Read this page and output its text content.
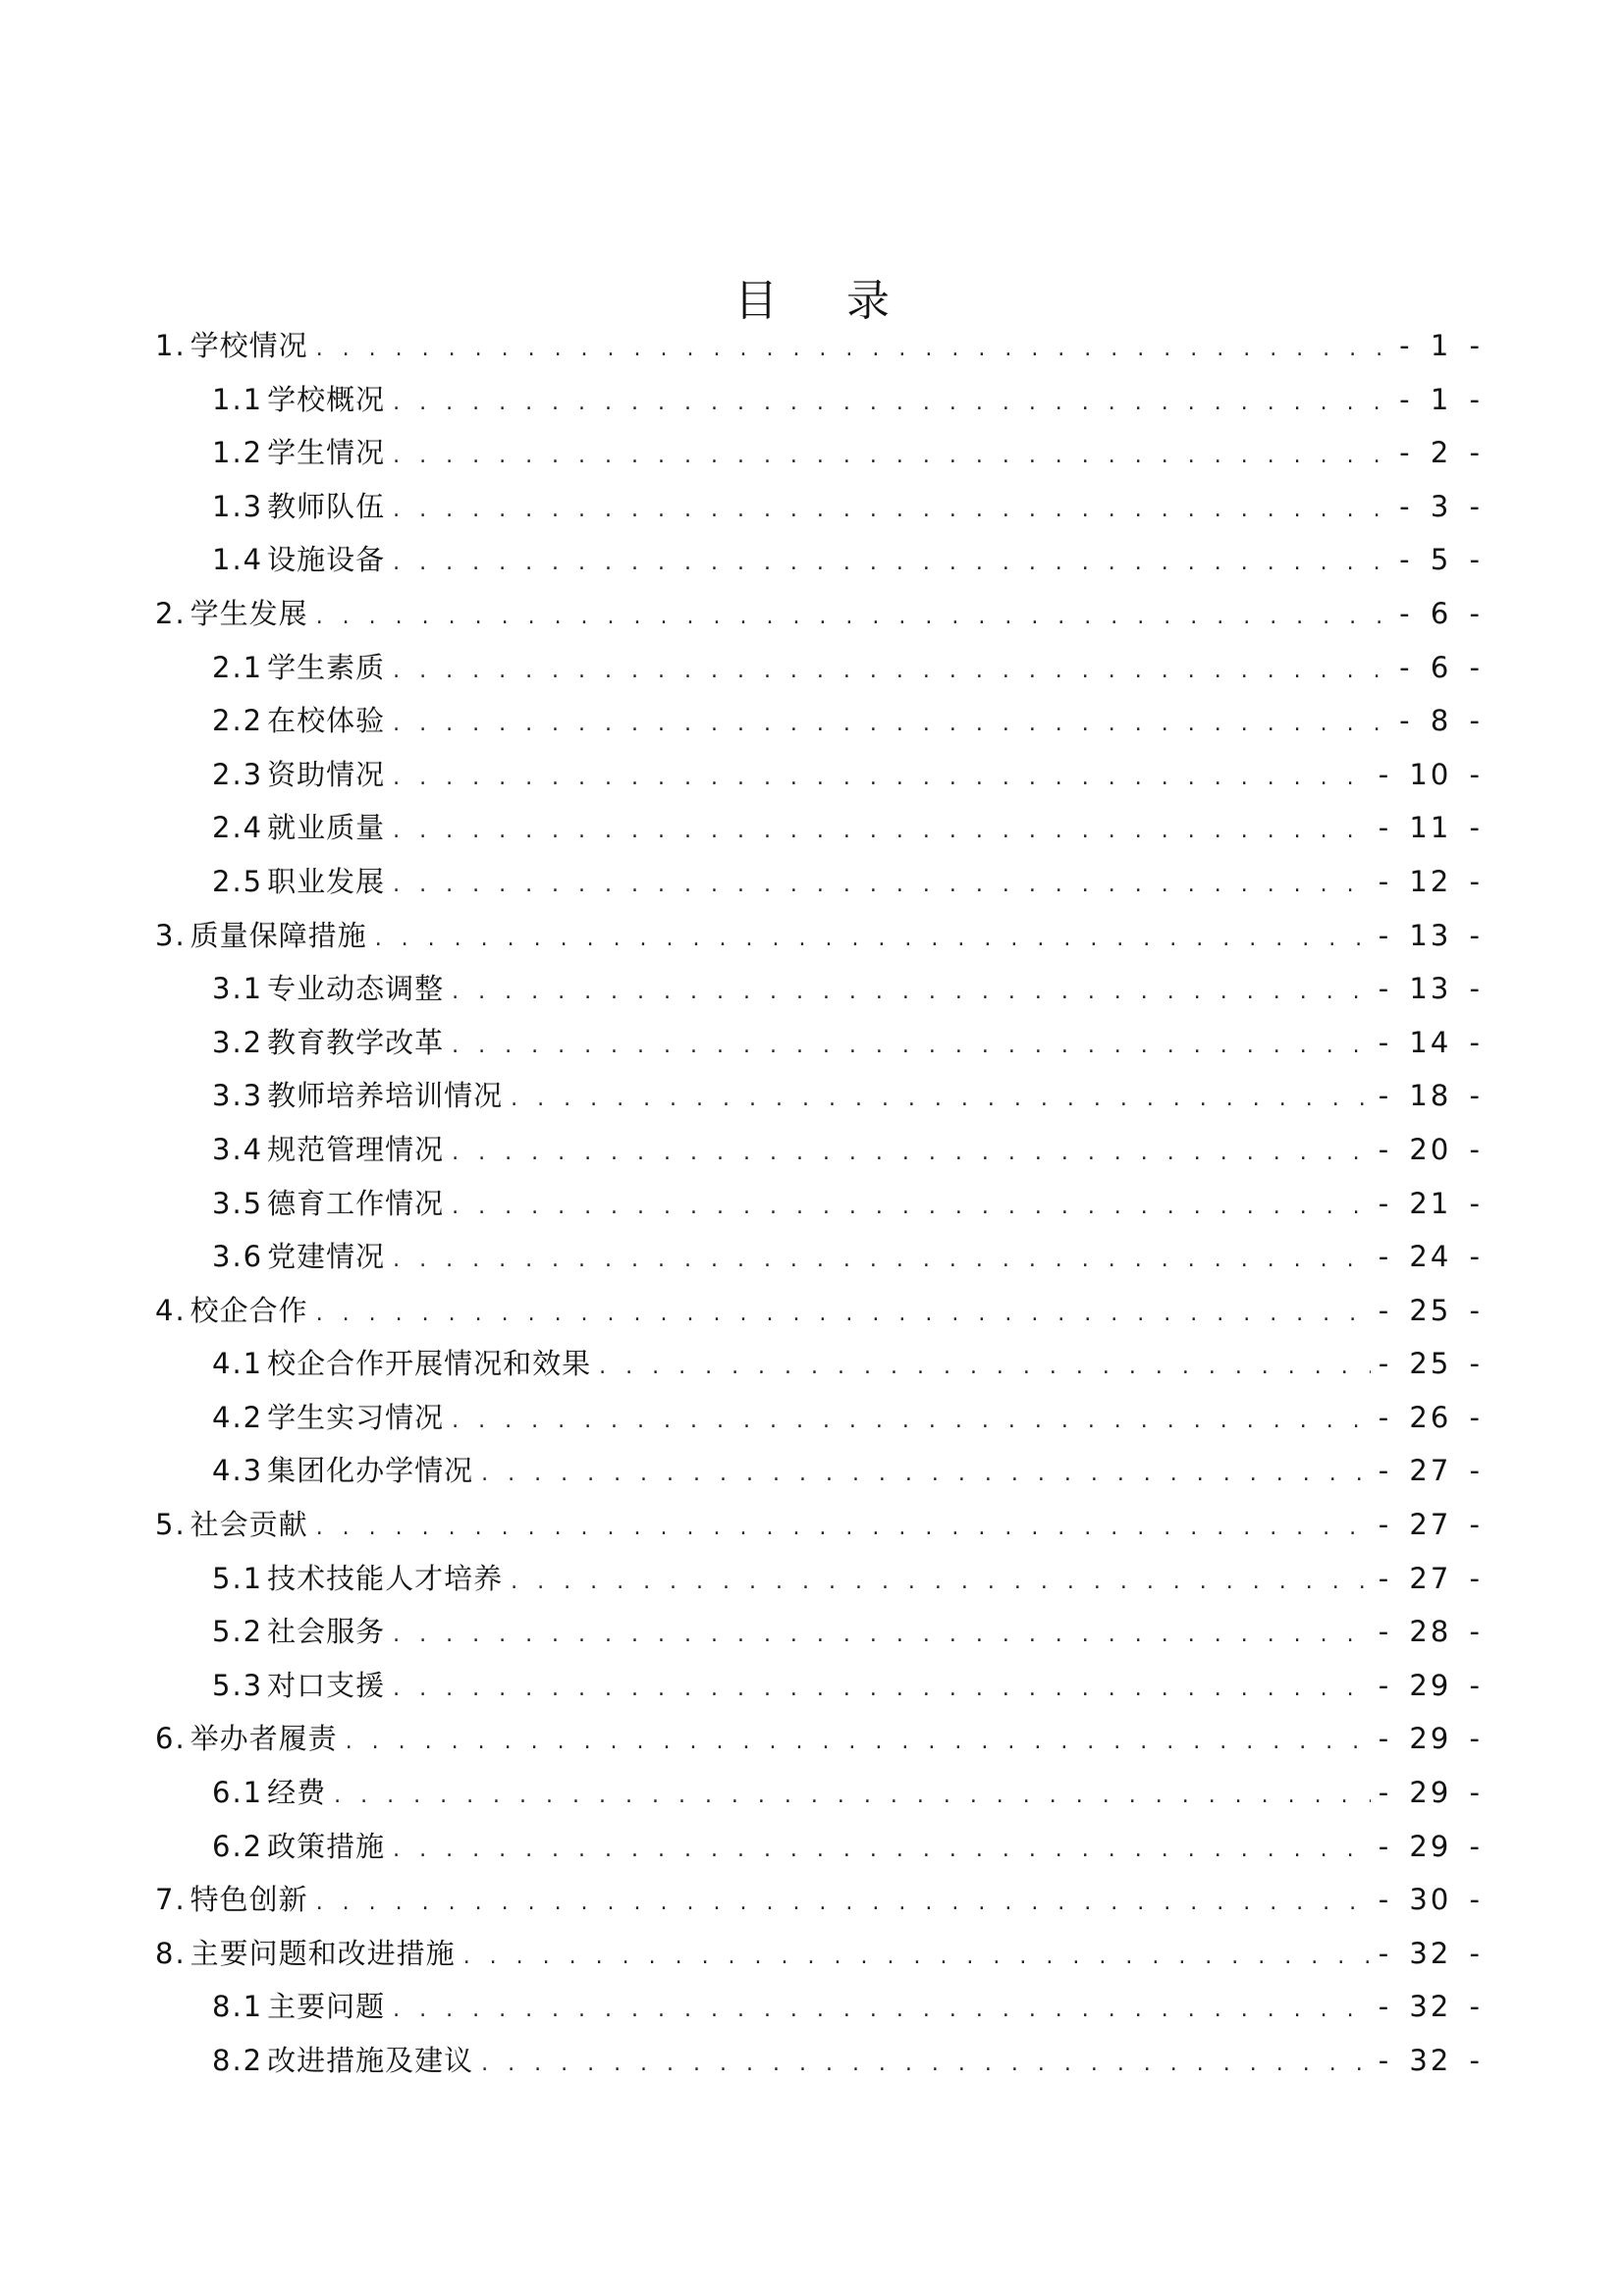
目 录
1. 学校情况 . . .	- 1 -
1.1 学校概况 . . .	- 1 -
1.2 学生情况 . . .	- 2 -
1.3 教师队伍 . . .	- 3 -
1.4 设施设备 . . .	- 5 -
2. 学生发展 . . .	- 6 -
2.1 学生素质 . . .	- 6 -
2.2 在校体验 . . .	- 8 -
2.3 资助情况 . . .	- 10 -
2.4 就业质量 . . .	- 11 -
2.5 职业发展 . . .	- 12 -
3. 质量保障措施 . . .	- 13 -
3.1 专业动态调整 . . .	- 13 -
3.2 教育教学改革 . . .	- 14 -
3.3 教师培养培训情况 . . .	- 18 -
3.4 规范管理情况 . . .	- 20 -
3.5 德育工作情况 . . .	- 21 -
3.6 党建情况 . . .	- 24 -
4. 校企合作 . . .	- 25 -
4.1 校企合作开展情况和效果 . . .	- 25 -
4.2 学生实习情况 . . .	- 26 -
4.3 集团化办学情况 . . .	- 27 -
5. 社会贡献 . . .	- 27 -
5.1 技术技能人才培养 . . .	- 27 -
5.2 社会服务 . . .	- 28 -
5.3 对口支援 . . .	- 29 -
6. 举办者履责 . . .	- 29 -
6.1 经费 . . .	- 29 -
6.2 政策措施 . . .	- 29 -
7. 特色创新 . . .	- 30 -
8. 主要问题和改进措施 . . .	- 32 -
8.1 主要问题 . . .	- 32 -
8.2 改进措施及建议 . . .	- 32 -
